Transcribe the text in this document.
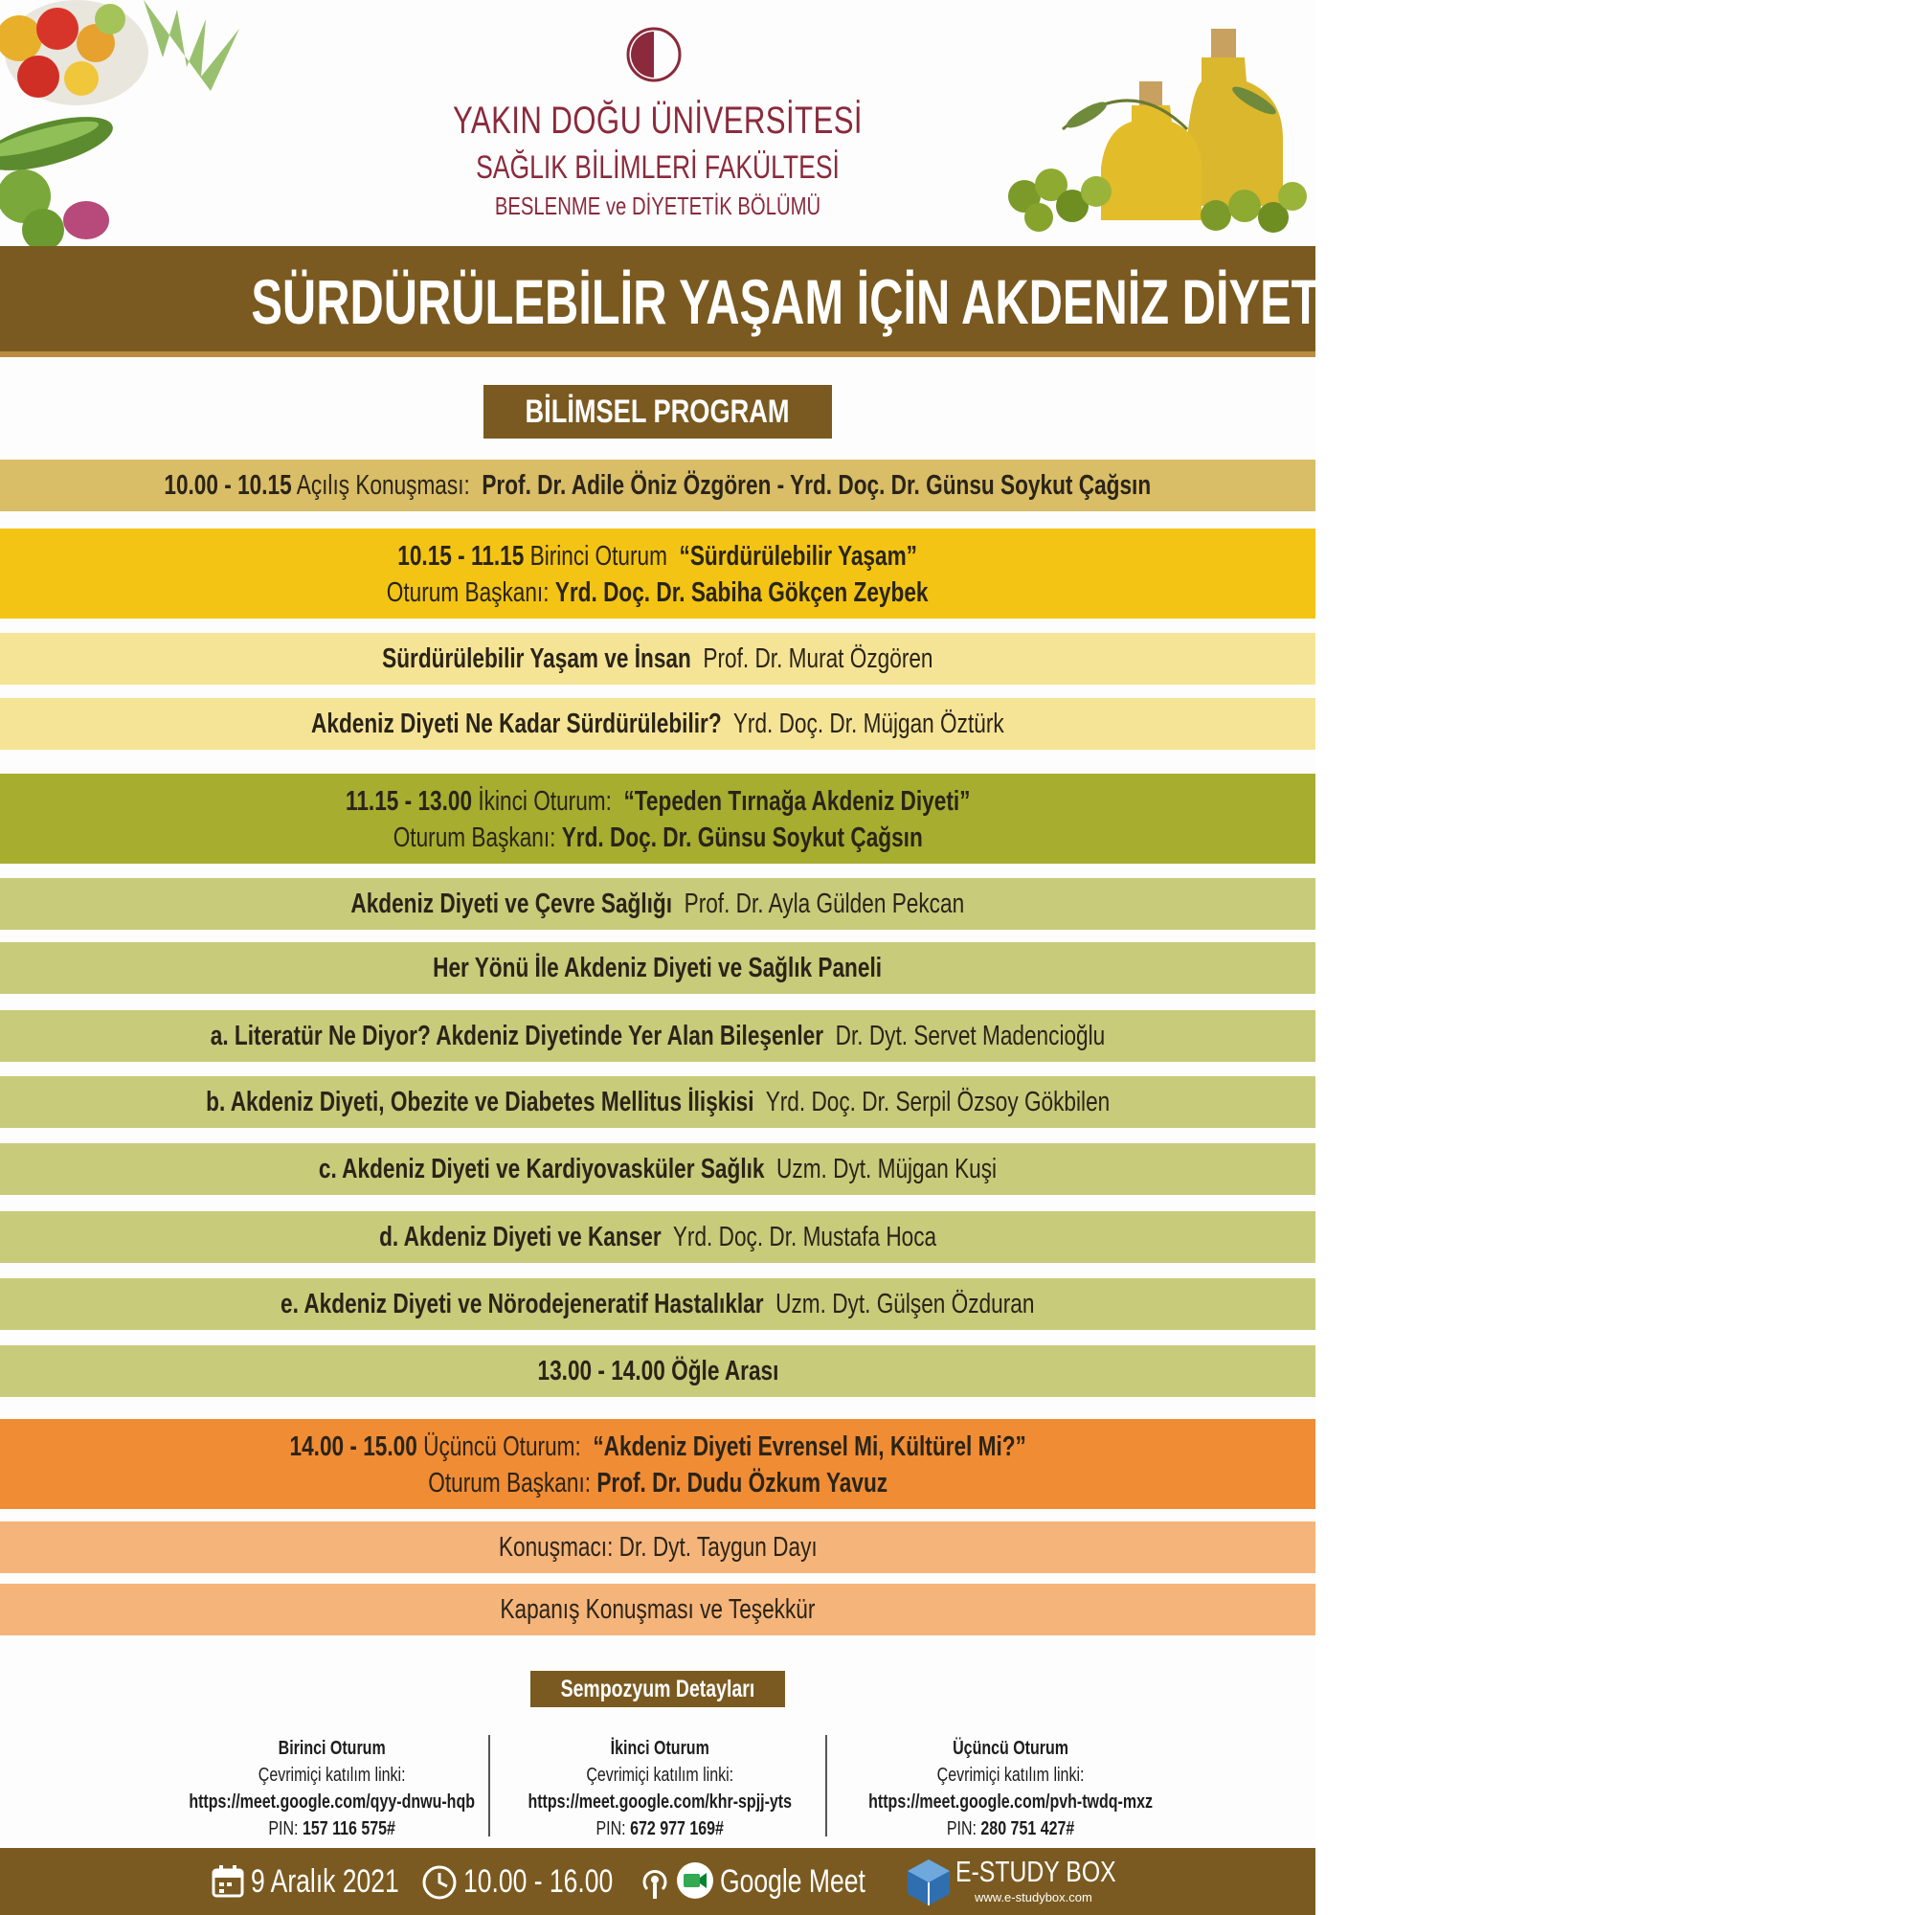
YAKIN DOĞU ÜNİVERSİTESİ
SAĞLIK BİLİMLERİ FAKÜLTESİ
BESLENME ve DİYETETİK BÖLÜMÜ
SÜRDÜRÜLEBİLİR YAŞAM İÇİN AKDENİZ DİYETİ SEMPOZYUMU
BİLİMSEL PROGRAM
10.00 - 10.15 Açılış Konuşması: Prof. Dr. Adile Öniz Özgören - Yrd. Doç. Dr. Günsu Soykut Çağsın
10.15 - 11.15 Birinci Oturum “Sürdürülebilir Yaşam”
Oturum Başkanı: Yrd. Doç. Dr. Sabiha Gökçen Zeybek
Sürdürülebilir Yaşam ve İnsan Prof. Dr. Murat Özgören
Akdeniz Diyeti Ne Kadar Sürdürülebilir? Yrd. Doç. Dr. Müjgan Öztürk
11.15 - 13.00 İkinci Oturum: “Tepeden Tırnağa Akdeniz Diyeti”
Oturum Başkanı: Yrd. Doç. Dr. Günsu Soykut Çağsın
Akdeniz Diyeti ve Çevre Sağlığı Prof. Dr. Ayla Gülden Pekcan
Her Yönü İle Akdeniz Diyeti ve Sağlık Paneli
a. Literatür Ne Diyor? Akdeniz Diyetinde Yer Alan Bileşenler Dr. Dyt. Servet Madencioğlu
b. Akdeniz Diyeti, Obezite ve Diabetes Mellitus İlişkisi Yrd. Doç. Dr. Serpil Özsoy Gökbilen
c. Akdeniz Diyeti ve Kardiyovasküler Sağlık Uzm. Dyt. Müjgan Kuşi
d. Akdeniz Diyeti ve Kanser Yrd. Doç. Dr. Mustafa Hoca
e. Akdeniz Diyeti ve Nörodejeneratif Hastalıklar Uzm. Dyt. Gülşen Özduran
13.00 - 14.00 Öğle Arası
14.00 - 15.00 Üçüncü Oturum: “Akdeniz Diyeti Evrensel Mi, Kültürel Mi?”
Oturum Başkanı: Prof. Dr. Dudu Özkum Yavuz
Konuşmacı: Dr. Dyt. Taygun Dayı
Kapanış Konuşması ve Teşekkür
Sempozyum Detayları
Birinci Oturum
Çevrimiçi katılım linki:
https://meet.google.com/qyy-dnwu-hqb
PIN: 157 116 575#
İkinci Oturum
Çevrimiçi katılım linki:
https://meet.google.com/khr-spjj-yts
PIN: 672 977 169#
Üçüncü Oturum
Çevrimiçi katılım linki:
https://meet.google.com/pvh-twdq-mxz
PIN: 280 751 427#
9 Aralık 2021	10.00 - 16.00	Google Meet	E-STUDY BOX
www.e-studybox.com
